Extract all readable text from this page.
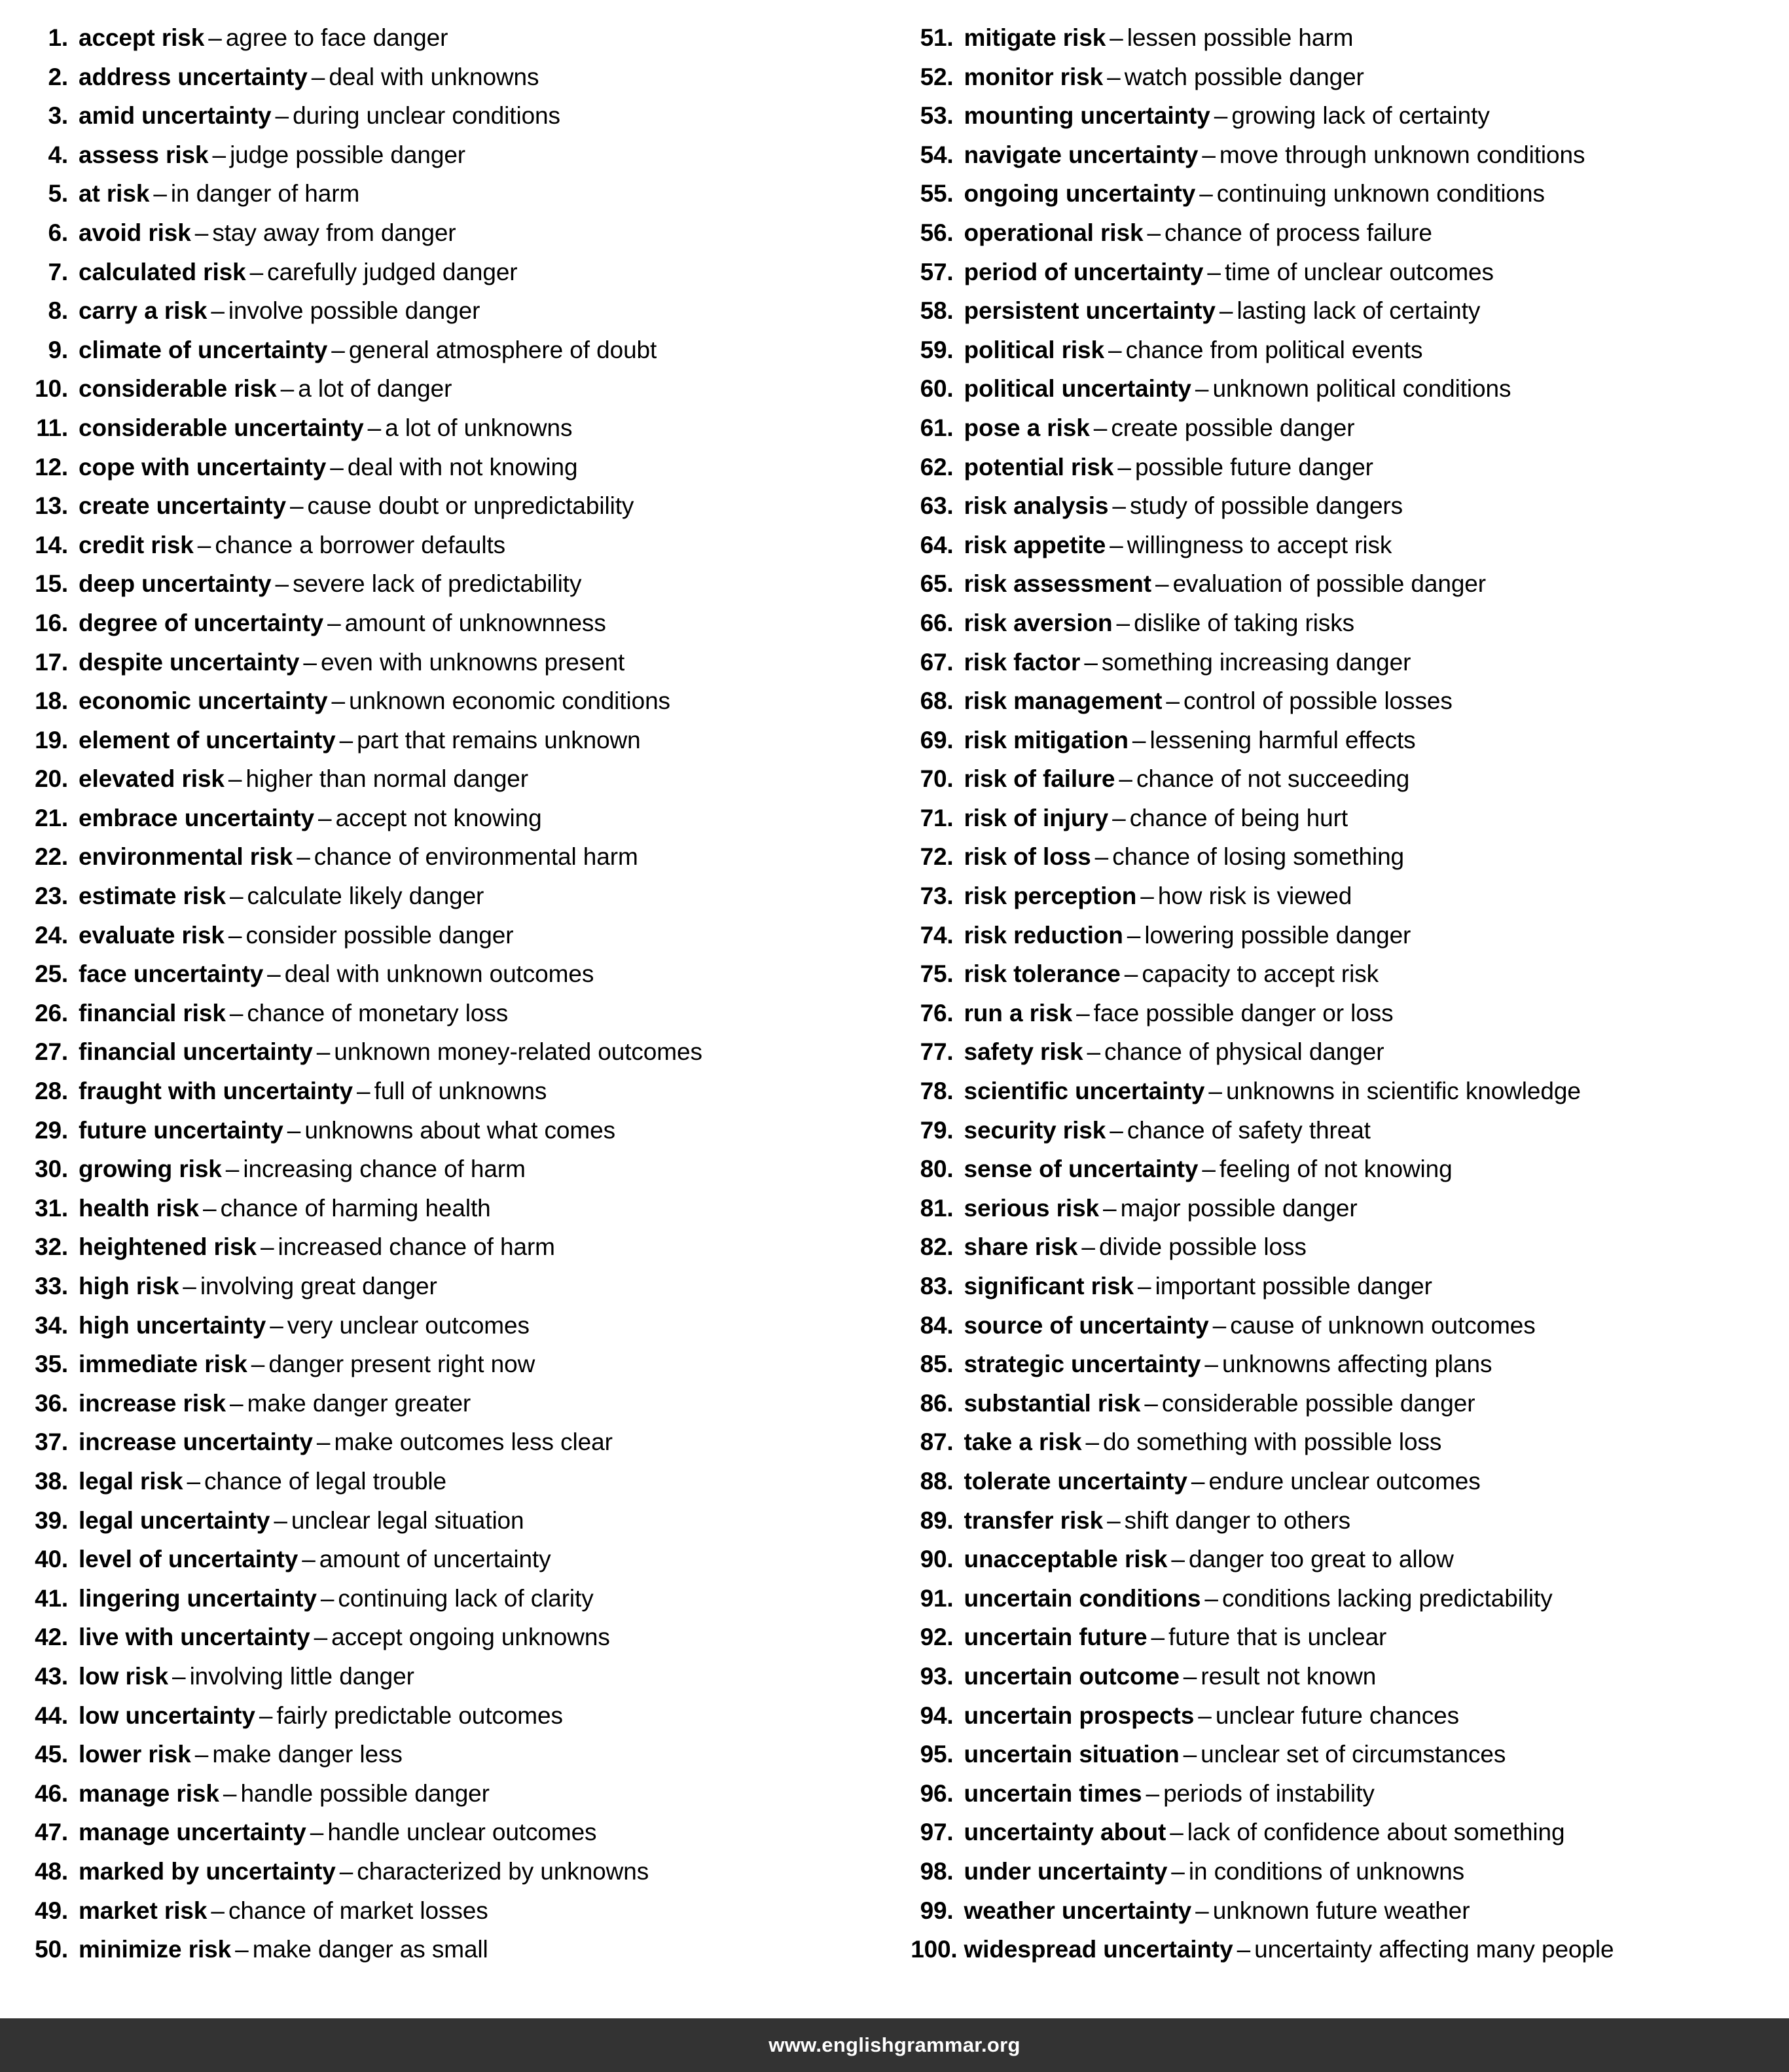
1. accept risk – agree to face danger
2. address uncertainty – deal with unknowns
3. amid uncertainty – during unclear conditions
4. assess risk – judge possible danger
5. at risk – in danger of harm
6. avoid risk – stay away from danger
7. calculated risk – carefully judged danger
8. carry a risk – involve possible danger
9. climate of uncertainty – general atmosphere of doubt
10. considerable risk – a lot of danger
11. considerable uncertainty – a lot of unknowns
12. cope with uncertainty – deal with not knowing
13. create uncertainty – cause doubt or unpredictability
14. credit risk – chance a borrower defaults
15. deep uncertainty – severe lack of predictability
16. degree of uncertainty – amount of unknownness
17. despite uncertainty – even with unknowns present
18. economic uncertainty – unknown economic conditions
19. element of uncertainty – part that remains unknown
20. elevated risk – higher than normal danger
21. embrace uncertainty – accept not knowing
22. environmental risk – chance of environmental harm
23. estimate risk – calculate likely danger
24. evaluate risk – consider possible danger
25. face uncertainty – deal with unknown outcomes
26. financial risk – chance of monetary loss
27. financial uncertainty – unknown money-related outcomes
28. fraught with uncertainty – full of unknowns
29. future uncertainty – unknowns about what comes
30. growing risk – increasing chance of harm
31. health risk – chance of harming health
32. heightened risk – increased chance of harm
33. high risk – involving great danger
34. high uncertainty – very unclear outcomes
35. immediate risk – danger present right now
36. increase risk – make danger greater
37. increase uncertainty – make outcomes less clear
38. legal risk – chance of legal trouble
39. legal uncertainty – unclear legal situation
40. level of uncertainty – amount of uncertainty
41. lingering uncertainty – continuing lack of clarity
42. live with uncertainty – accept ongoing unknowns
43. low risk – involving little danger
44. low uncertainty – fairly predictable outcomes
45. lower risk – make danger less
46. manage risk – handle possible danger
47. manage uncertainty – handle unclear outcomes
48. marked by uncertainty – characterized by unknowns
49. market risk – chance of market losses
50. minimize risk – make danger as small
51. mitigate risk – lessen possible harm
52. monitor risk – watch possible danger
53. mounting uncertainty – growing lack of certainty
54. navigate uncertainty – move through unknown conditions
55. ongoing uncertainty – continuing unknown conditions
56. operational risk – chance of process failure
57. period of uncertainty – time of unclear outcomes
58. persistent uncertainty – lasting lack of certainty
59. political risk – chance from political events
60. political uncertainty – unknown political conditions
61. pose a risk – create possible danger
62. potential risk – possible future danger
63. risk analysis – study of possible dangers
64. risk appetite – willingness to accept risk
65. risk assessment – evaluation of possible danger
66. risk aversion – dislike of taking risks
67. risk factor – something increasing danger
68. risk management – control of possible losses
69. risk mitigation – lessening harmful effects
70. risk of failure – chance of not succeeding
71. risk of injury – chance of being hurt
72. risk of loss – chance of losing something
73. risk perception – how risk is viewed
74. risk reduction – lowering possible danger
75. risk tolerance – capacity to accept risk
76. run a risk – face possible danger or loss
77. safety risk – chance of physical danger
78. scientific uncertainty – unknowns in scientific knowledge
79. security risk – chance of safety threat
80. sense of uncertainty – feeling of not knowing
81. serious risk – major possible danger
82. share risk – divide possible loss
83. significant risk – important possible danger
84. source of uncertainty – cause of unknown outcomes
85. strategic uncertainty – unknowns affecting plans
86. substantial risk – considerable possible danger
87. take a risk – do something with possible loss
88. tolerate uncertainty – endure unclear outcomes
89. transfer risk – shift danger to others
90. unacceptable risk – danger too great to allow
91. uncertain conditions – conditions lacking predictability
92. uncertain future – future that is unclear
93. uncertain outcome – result not known
94. uncertain prospects – unclear future chances
95. uncertain situation – unclear set of circumstances
96. uncertain times – periods of instability
97. uncertainty about – lack of confidence about something
98. under uncertainty – in conditions of unknowns
99. weather uncertainty – unknown future weather
100. widespread uncertainty – uncertainty affecting many people
www.englishgrammar.org
